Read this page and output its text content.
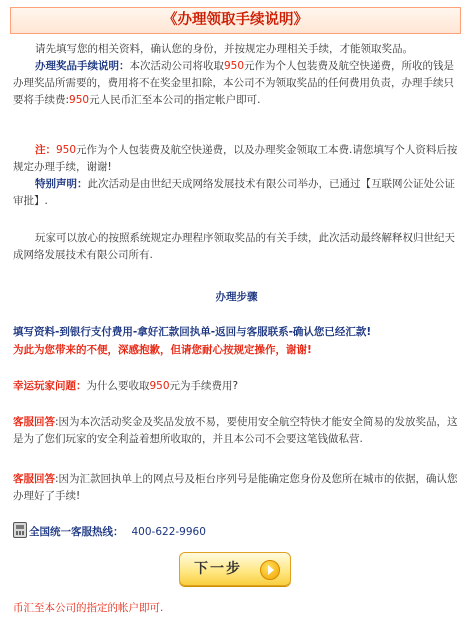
《办理领取手续说明》
请先填写您的相关资料，确认您的身份，并按规定办理相关手续，才能领取奖品。
办理奖品手续说明：本次活动公司将收取950元作为个人包装费及航空快递费，所收的钱是办理奖品所需要的，费用将不在奖金里扣除，本公司不为领取奖品的任何费用负责，办理手续只要将手续费:950元人民币汇至本公司的指定帐户即可.
注：950元作为个人包装费及航空快递费，以及办理奖金领取工本费.请您填写个人资料后按规定办理手续，谢谢!
特别声明：此次活动是由世纪天成网络发展技术有限公司举办，已通过【互联网公证处公证审批】.
玩家可以放心的按照系统规定办理程序领取奖品的有关手续，此次活动最终解释权归世纪天成网络发展技术有限公司所有.
办理步骤
填写资料-到银行支付费用-拿好汇款回执单-返回与客服联系-确认您已经汇款!
为此为您带来的不便，深感抱歉，但请您耐心按规定操作，谢谢!
幸运玩家问题：为什么要收取950元为手续费用?
客服回答:因为本次活动奖金及奖品发放不易，要使用安全航空特快才能安全简易的发放奖品，这是为了您们玩家的安全利益着想所收取的，并且本公司不会要这笔钱做私营.
客服回答:因为汇款回执单上的网点号及柜台序列号是能确定您身份及您所在城市的依据，确认您办理好了手续!
全国统一客服热线： 400-622-9960
下一步
币汇至本公司的指定的帐户即可.
